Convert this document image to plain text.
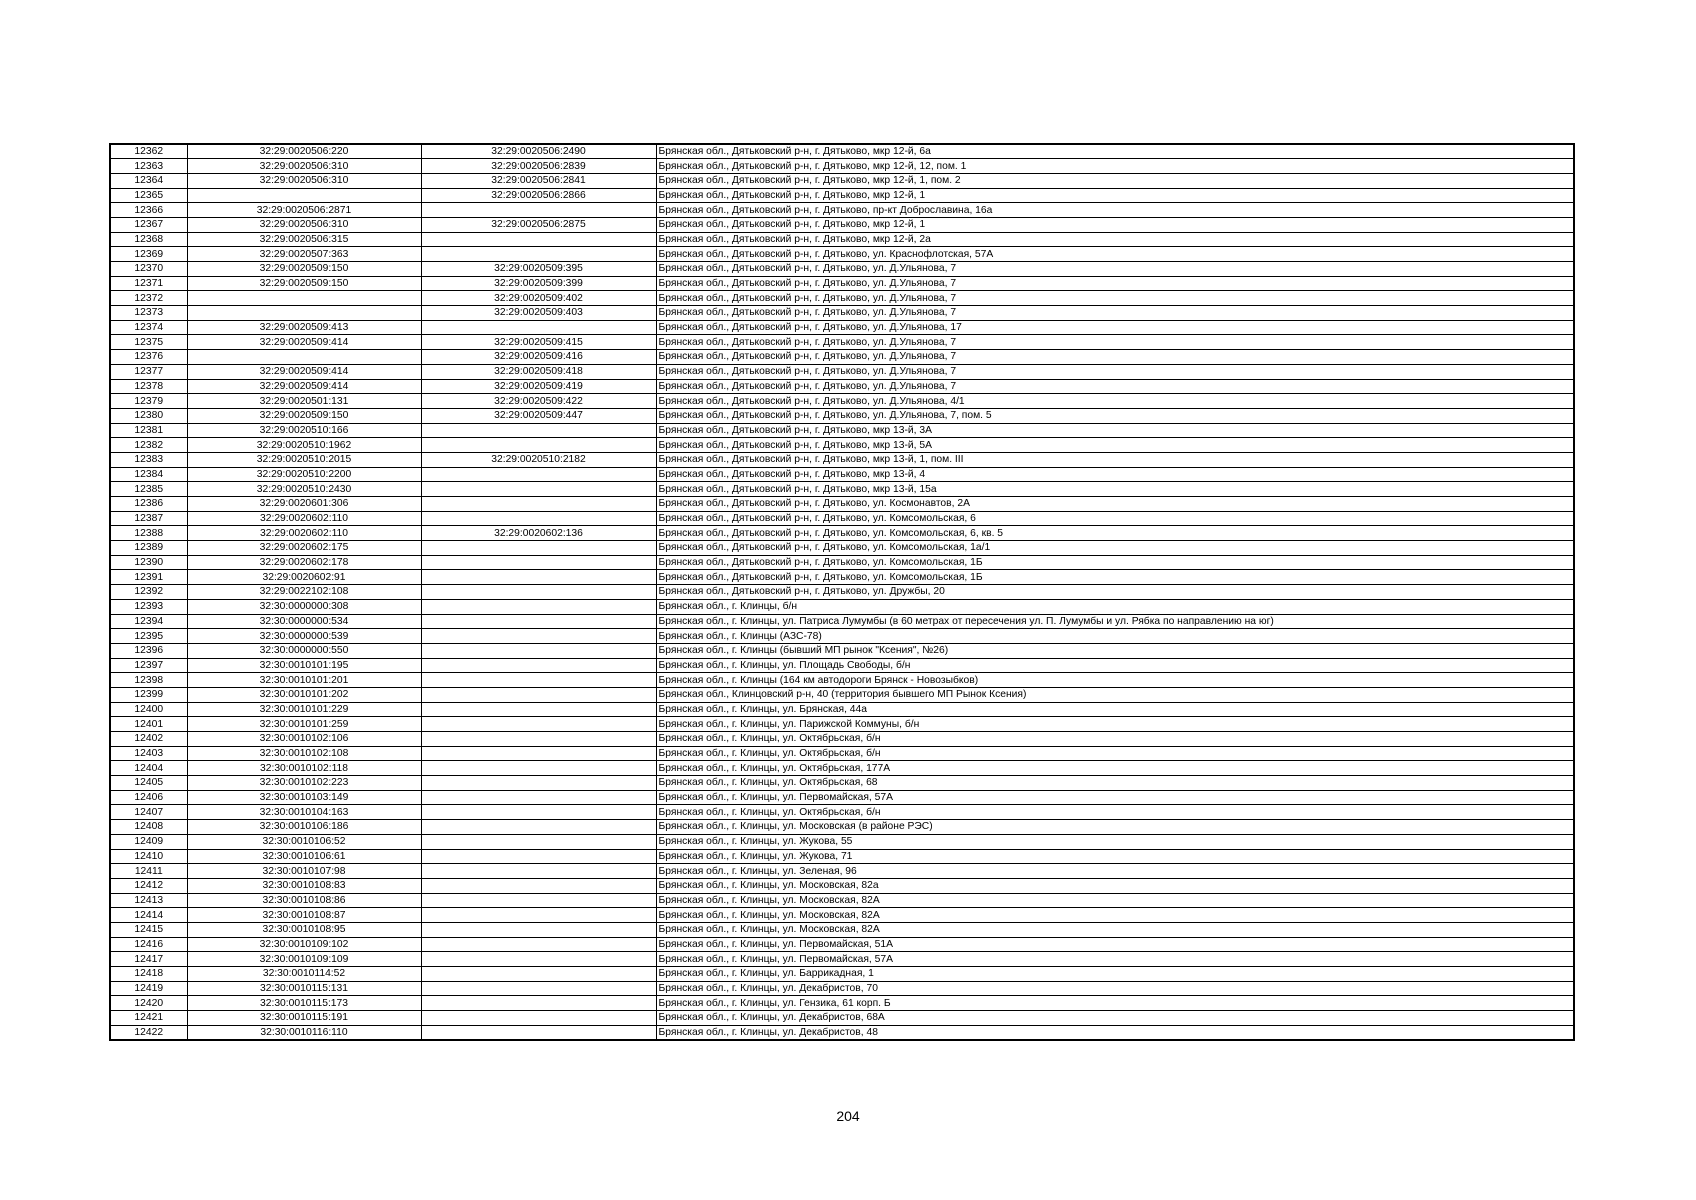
12362	32:29:0020506:220	32:29:0020506:2490	Брянская обл., Дятьковский р-н, г. Дятьково, мкр 12-й, 6а
12363	32:29:0020506:310	32:29:0020506:2839	Брянская обл., Дятьковский р-н, г. Дятьково, мкр 12-й, 12, пом. 1
12364	32:29:0020506:310	32:29:0020506:2841	Брянская обл., Дятьковский р-н, г. Дятьково, мкр 12-й, 1, пом. 2
12365		32:29:0020506:2866	Брянская обл., Дятьковский р-н, г. Дятьково, мкр 12-й, 1
12366	32:29:0020506:2871		Брянская обл., Дятьковский р-н, г. Дятьково, пр-кт Доброславина, 16а
12367	32:29:0020506:310	32:29:0020506:2875	Брянская обл., Дятьковский р-н, г. Дятьково, мкр 12-й, 1
12368	32:29:0020506:315		Брянская обл., Дятьковский р-н, г. Дятьково, мкр 12-й, 2а
12369	32:29:0020507:363		Брянская обл., Дятьковский р-н, г. Дятьково, ул. Краснофлотская, 57А
12370	32:29:0020509:150	32:29:0020509:395	Брянская обл., Дятьковский р-н, г. Дятьково, ул. Д.Ульянова, 7
12371	32:29:0020509:150	32:29:0020509:399	Брянская обл., Дятьковский р-н, г. Дятьково, ул. Д.Ульянова, 7
12372		32:29:0020509:402	Брянская обл., Дятьковский р-н, г. Дятьково, ул. Д.Ульянова, 7
12373		32:29:0020509:403	Брянская обл., Дятьковский р-н, г. Дятьково, ул. Д.Ульянова, 7
12374	32:29:0020509:413		Брянская обл., Дятьковский р-н, г. Дятьково, ул. Д.Ульянова, 17
12375	32:29:0020509:414	32:29:0020509:415	Брянская обл., Дятьковский р-н, г. Дятьково, ул. Д.Ульянова, 7
12376		32:29:0020509:416	Брянская обл., Дятьковский р-н, г. Дятьково, ул. Д.Ульянова, 7
12377	32:29:0020509:414	32:29:0020509:418	Брянская обл., Дятьковский р-н, г. Дятьково, ул. Д.Ульянова, 7
12378	32:29:0020509:414	32:29:0020509:419	Брянская обл., Дятьковский р-н, г. Дятьково, ул. Д.Ульянова, 7
12379	32:29:0020501:131	32:29:0020509:422	Брянская обл., Дятьковский р-н, г. Дятьково, ул. Д.Ульянова, 4/1
12380	32:29:0020509:150	32:29:0020509:447	Брянская обл., Дятьковский р-н, г. Дятьково, ул. Д.Ульянова, 7, пом. 5
12381	32:29:0020510:166		Брянская обл., Дятьковский р-н, г. Дятьково, мкр 13-й, 3А
12382	32:29:0020510:1962		Брянская обл., Дятьковский р-н, г. Дятьково, мкр 13-й, 5А
12383	32:29:0020510:2015	32:29:0020510:2182	Брянская обл., Дятьковский р-н, г. Дятьково, мкр 13-й, 1, пом. III
12384	32:29:0020510:2200		Брянская обл., Дятьковский р-н, г. Дятьково, мкр 13-й, 4
12385	32:29:0020510:2430		Брянская обл., Дятьковский р-н, г. Дятьково, мкр 13-й, 15а
12386	32:29:0020601:306		Брянская обл., Дятьковский р-н, г. Дятьково, ул. Космонавтов, 2А
12387	32:29:0020602:110		Брянская обл., Дятьковский р-н, г. Дятьково, ул. Комсомольская, 6
12388	32:29:0020602:110	32:29:0020602:136	Брянская обл., Дятьковский р-н, г. Дятьково, ул. Комсомольская, 6, кв. 5
12389	32:29:0020602:175		Брянская обл., Дятьковский р-н, г. Дятьково, ул. Комсомольская, 1а/1
12390	32:29:0020602:178		Брянская обл., Дятьковский р-н, г. Дятьково, ул. Комсомольская, 1Б
12391	32:29:0020602:91		Брянская обл., Дятьковский р-н, г. Дятьково, ул. Комсомольская, 1Б
12392	32:29:0022102:108		Брянская обл., Дятьковский р-н, г. Дятьково, ул. Дружбы, 20
12393	32:30:0000000:308		Брянская обл., г. Клинцы, б/н
12394	32:30:0000000:534		Брянская обл., г. Клинцы, ул. Патриса Лумумбы (в 60 метрах от пересечения ул. П. Лумумбы и ул. Рябка по направлению на юг)
12395	32:30:0000000:539		Брянская обл., г. Клинцы (АЗС-78)
12396	32:30:0000000:550		Брянская обл., г. Клинцы (бывший МП рынок "Ксения", №26)
12397	32:30:0010101:195		Брянская обл., г. Клинцы, ул. Площадь Свободы, б/н
12398	32:30:0010101:201		Брянская обл., г. Клинцы (164 км автодороги Брянск - Новозыбков)
12399	32:30:0010101:202		Брянская обл., Клинцовский р-н, 40 (территория бывшего МП Рынок Ксения)
12400	32:30:0010101:229		Брянская обл., г. Клинцы, ул. Брянская, 44а
12401	32:30:0010101:259		Брянская обл., г. Клинцы, ул. Парижской Коммуны, б/н
12402	32:30:0010102:106		Брянская обл., г. Клинцы, ул. Октябрьская, б/н
12403	32:30:0010102:108		Брянская обл., г. Клинцы, ул. Октябрьская, б/н
12404	32:30:0010102:118		Брянская обл., г. Клинцы, ул. Октябрьская, 177А
12405	32:30:0010102:223		Брянская обл., г. Клинцы, ул. Октябрьская, 68
12406	32:30:0010103:149		Брянская обл., г. Клинцы, ул. Первомайская, 57А
12407	32:30:0010104:163		Брянская обл., г. Клинцы, ул. Октябрьская, б/н
12408	32:30:0010106:186		Брянская обл., г. Клинцы, ул. Московская (в районе РЭС)
12409	32:30:0010106:52		Брянская обл., г. Клинцы, ул. Жукова, 55
12410	32:30:0010106:61		Брянская обл., г. Клинцы, ул. Жукова, 71
12411	32:30:0010107:98		Брянская обл., г. Клинцы, ул. Зеленая, 96
12412	32:30:0010108:83		Брянская обл., г. Клинцы, ул. Московская, 82а
12413	32:30:0010108:86		Брянская обл., г. Клинцы, ул. Московская, 82А
12414	32:30:0010108:87		Брянская обл., г. Клинцы, ул. Московская, 82А
12415	32:30:0010108:95		Брянская обл., г. Клинцы, ул. Московская, 82А
12416	32:30:0010109:102		Брянская обл., г. Клинцы, ул. Первомайская, 51А
12417	32:30:0010109:109		Брянская обл., г. Клинцы, ул. Первомайская, 57А
12418	32:30:0010114:52		Брянская обл., г. Клинцы, ул. Баррикадная, 1
12419	32:30:0010115:131		Брянская обл., г. Клинцы, ул. Декабристов, 70
12420	32:30:0010115:173		Брянская обл., г. Клинцы, ул. Гензика, 61 корп. Б
12421	32:30:0010115:191		Брянская обл., г. Клинцы, ул. Декабристов, 68А
12422	32:30:0010116:110		Брянская обл., г. Клинцы, ул. Декабристов, 48
204
